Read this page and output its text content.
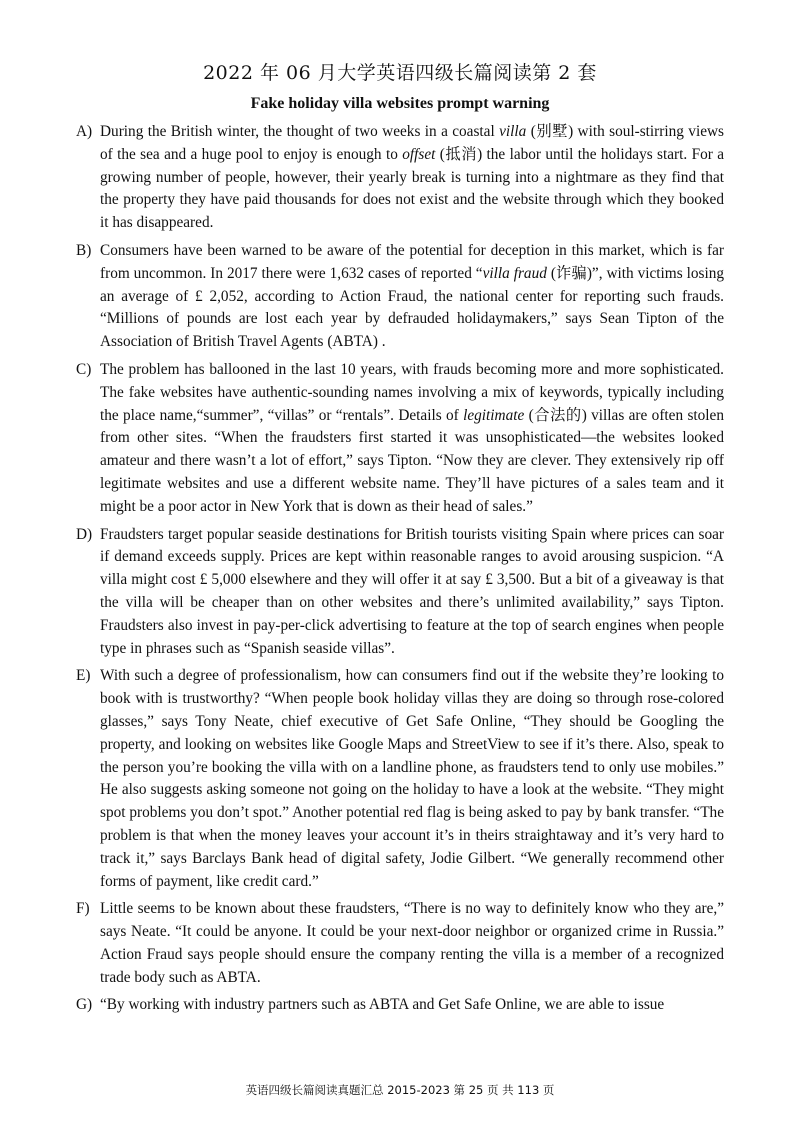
2022 年 06 月大学英语四级长篇阅读第 2 套
Fake holiday villa websites prompt warning
A) During the British winter, the thought of two weeks in a coastal villa (别墅) with soul-stirring views of the sea and a huge pool to enjoy is enough to offset (抵消) the labor until the holidays start. For a growing number of people, however, their yearly break is turning into a nightmare as they find that the property they have paid thousands for does not exist and the website through which they booked it has disappeared.
B) Consumers have been warned to be aware of the potential for deception in this market, which is far from uncommon. In 2017 there were 1,632 cases of reported “villa fraud (诈骗)”, with victims losing an average of £ 2,052, according to Action Fraud, the national center for reporting such frauds. “Millions of pounds are lost each year by defrauded holidaymakers,” says Sean Tipton of the Association of British Travel Agents (ABTA) .
C) The problem has ballooned in the last 10 years, with frauds becoming more and more sophisticated. The fake websites have authentic-sounding names involving a mix of keywords, typically including the place name,“summer”, “villas” or “rentals”. Details of legitimate (合法的) villas are often stolen from other sites. “When the fraudsters first started it was unsophisticated—the websites looked amateur and there wasn’t a lot of effort,” says Tipton. “Now they are clever. They extensively rip off legitimate websites and use a different website name. They’ll have pictures of a sales team and it might be a poor actor in New York that is down as their head of sales.”
D) Fraudsters target popular seaside destinations for British tourists visiting Spain where prices can soar if demand exceeds supply. Prices are kept within reasonable ranges to avoid arousing suspicion. “A villa might cost £ 5,000 elsewhere and they will offer it at say £ 3,500. But a bit of a giveaway is that the villa will be cheaper than on other websites and there’s unlimited availability,” says Tipton. Fraudsters also invest in pay-per-click advertising to feature at the top of search engines when people type in phrases such as “Spanish seaside villas”.
E) With such a degree of professionalism, how can consumers find out if the website they’re looking to book with is trustworthy? “When people book holiday villas they are doing so through rose-colored glasses,” says Tony Neate, chief executive of Get Safe Online, “They should be Googling the property, and looking on websites like Google Maps and StreetView to see if it’s there. Also, speak to the person you’re booking the villa with on a landline phone, as fraudsters tend to only use mobiles.” He also suggests asking someone not going on the holiday to have a look at the website. “They might spot problems you don’t spot.” Another potential red flag is being asked to pay by bank transfer. “The problem is that when the money leaves your account it’s in theirs straightaway and it’s very hard to track it,” says Barclays Bank head of digital safety, Jodie Gilbert. “We generally recommend other forms of payment, like credit card.”
F) Little seems to be known about these fraudsters, “There is no way to definitely know who they are,” says Neate. “It could be anyone. It could be your next-door neighbor or organized crime in Russia.” Action Fraud says people should ensure the company renting the villa is a member of a recognized trade body such as ABTA.
G) “By working with industry partners such as ABTA and Get Safe Online, we are able to issue
英语四级长篇阅读真题汇总 2015-2023 第 25 页 共 113 页
